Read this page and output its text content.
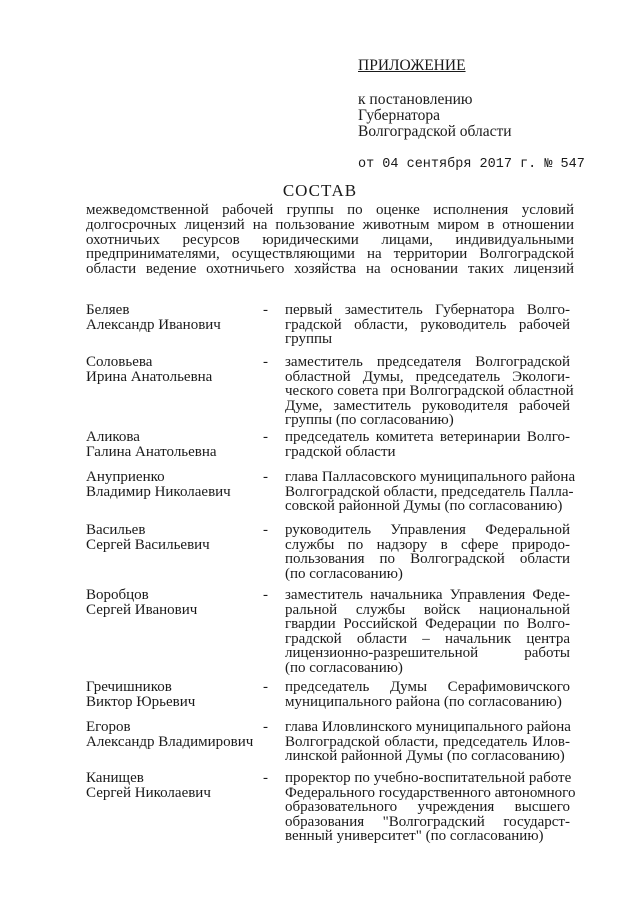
ПРИЛОЖЕНИЕ
к постановлению
Губернатора
Волгоградской области
от 04 сентября 2017 г. № 547
СОСТАВ
межведомственной рабочей группы по оценке исполнения условий
долгосрочных лицензий на пользование животным миром в отношении
охотничьих ресурсов юридическими лицами, индивидуальными
предпринимателями, осуществляющими на территории Волгоградской
области ведение охотничьего хозяйства на основании таких лицензий
Беляев
Александр Иванович
- первый заместитель Губернатора Волго-
градской области, руководитель рабочей
группы
Соловьева
Ирина Анатольевна
- заместитель председателя Волгоградской
областной Думы, председатель Экологи-
ческого совета при Волгоградской областной
Думе, заместитель руководителя рабочей
группы (по согласованию)
Аликова
Галина Анатольевна
- председатель комитета ветеринарии Волго-
градской области
Ануприенко
Владимир Николаевич
- глава Палласовского муниципального района
Волгоградской области, председатель Палла-
совской районной Думы (по согласованию)
Васильев
Сергей Васильевич
- руководитель Управления Федеральной
службы по надзору в сфере природо-
пользования по Волгоградской области
(по согласованию)
Воробцов
Сергей Иванович
- заместитель начальника Управления Феде-
ральной службы войск национальной
гвардии Российской Федерации по Волго-
градской области – начальник центра
лицензионно-разрешительной работы
(по согласованию)
Гречишников
Виктор Юрьевич
- председатель Думы Серафимовичского
муниципального района (по согласованию)
Егоров
Александр Владимирович
- глава Иловлинского муниципального района
Волгоградской области, председатель Илов-
линской районной Думы (по согласованию)
Канищев
Сергей Николаевич
- проректор по учебно-воспитательной работе
Федерального государственного автономного
образовательного учреждения высшего
образования "Волгоградский государст-
венный университет" (по согласованию)
